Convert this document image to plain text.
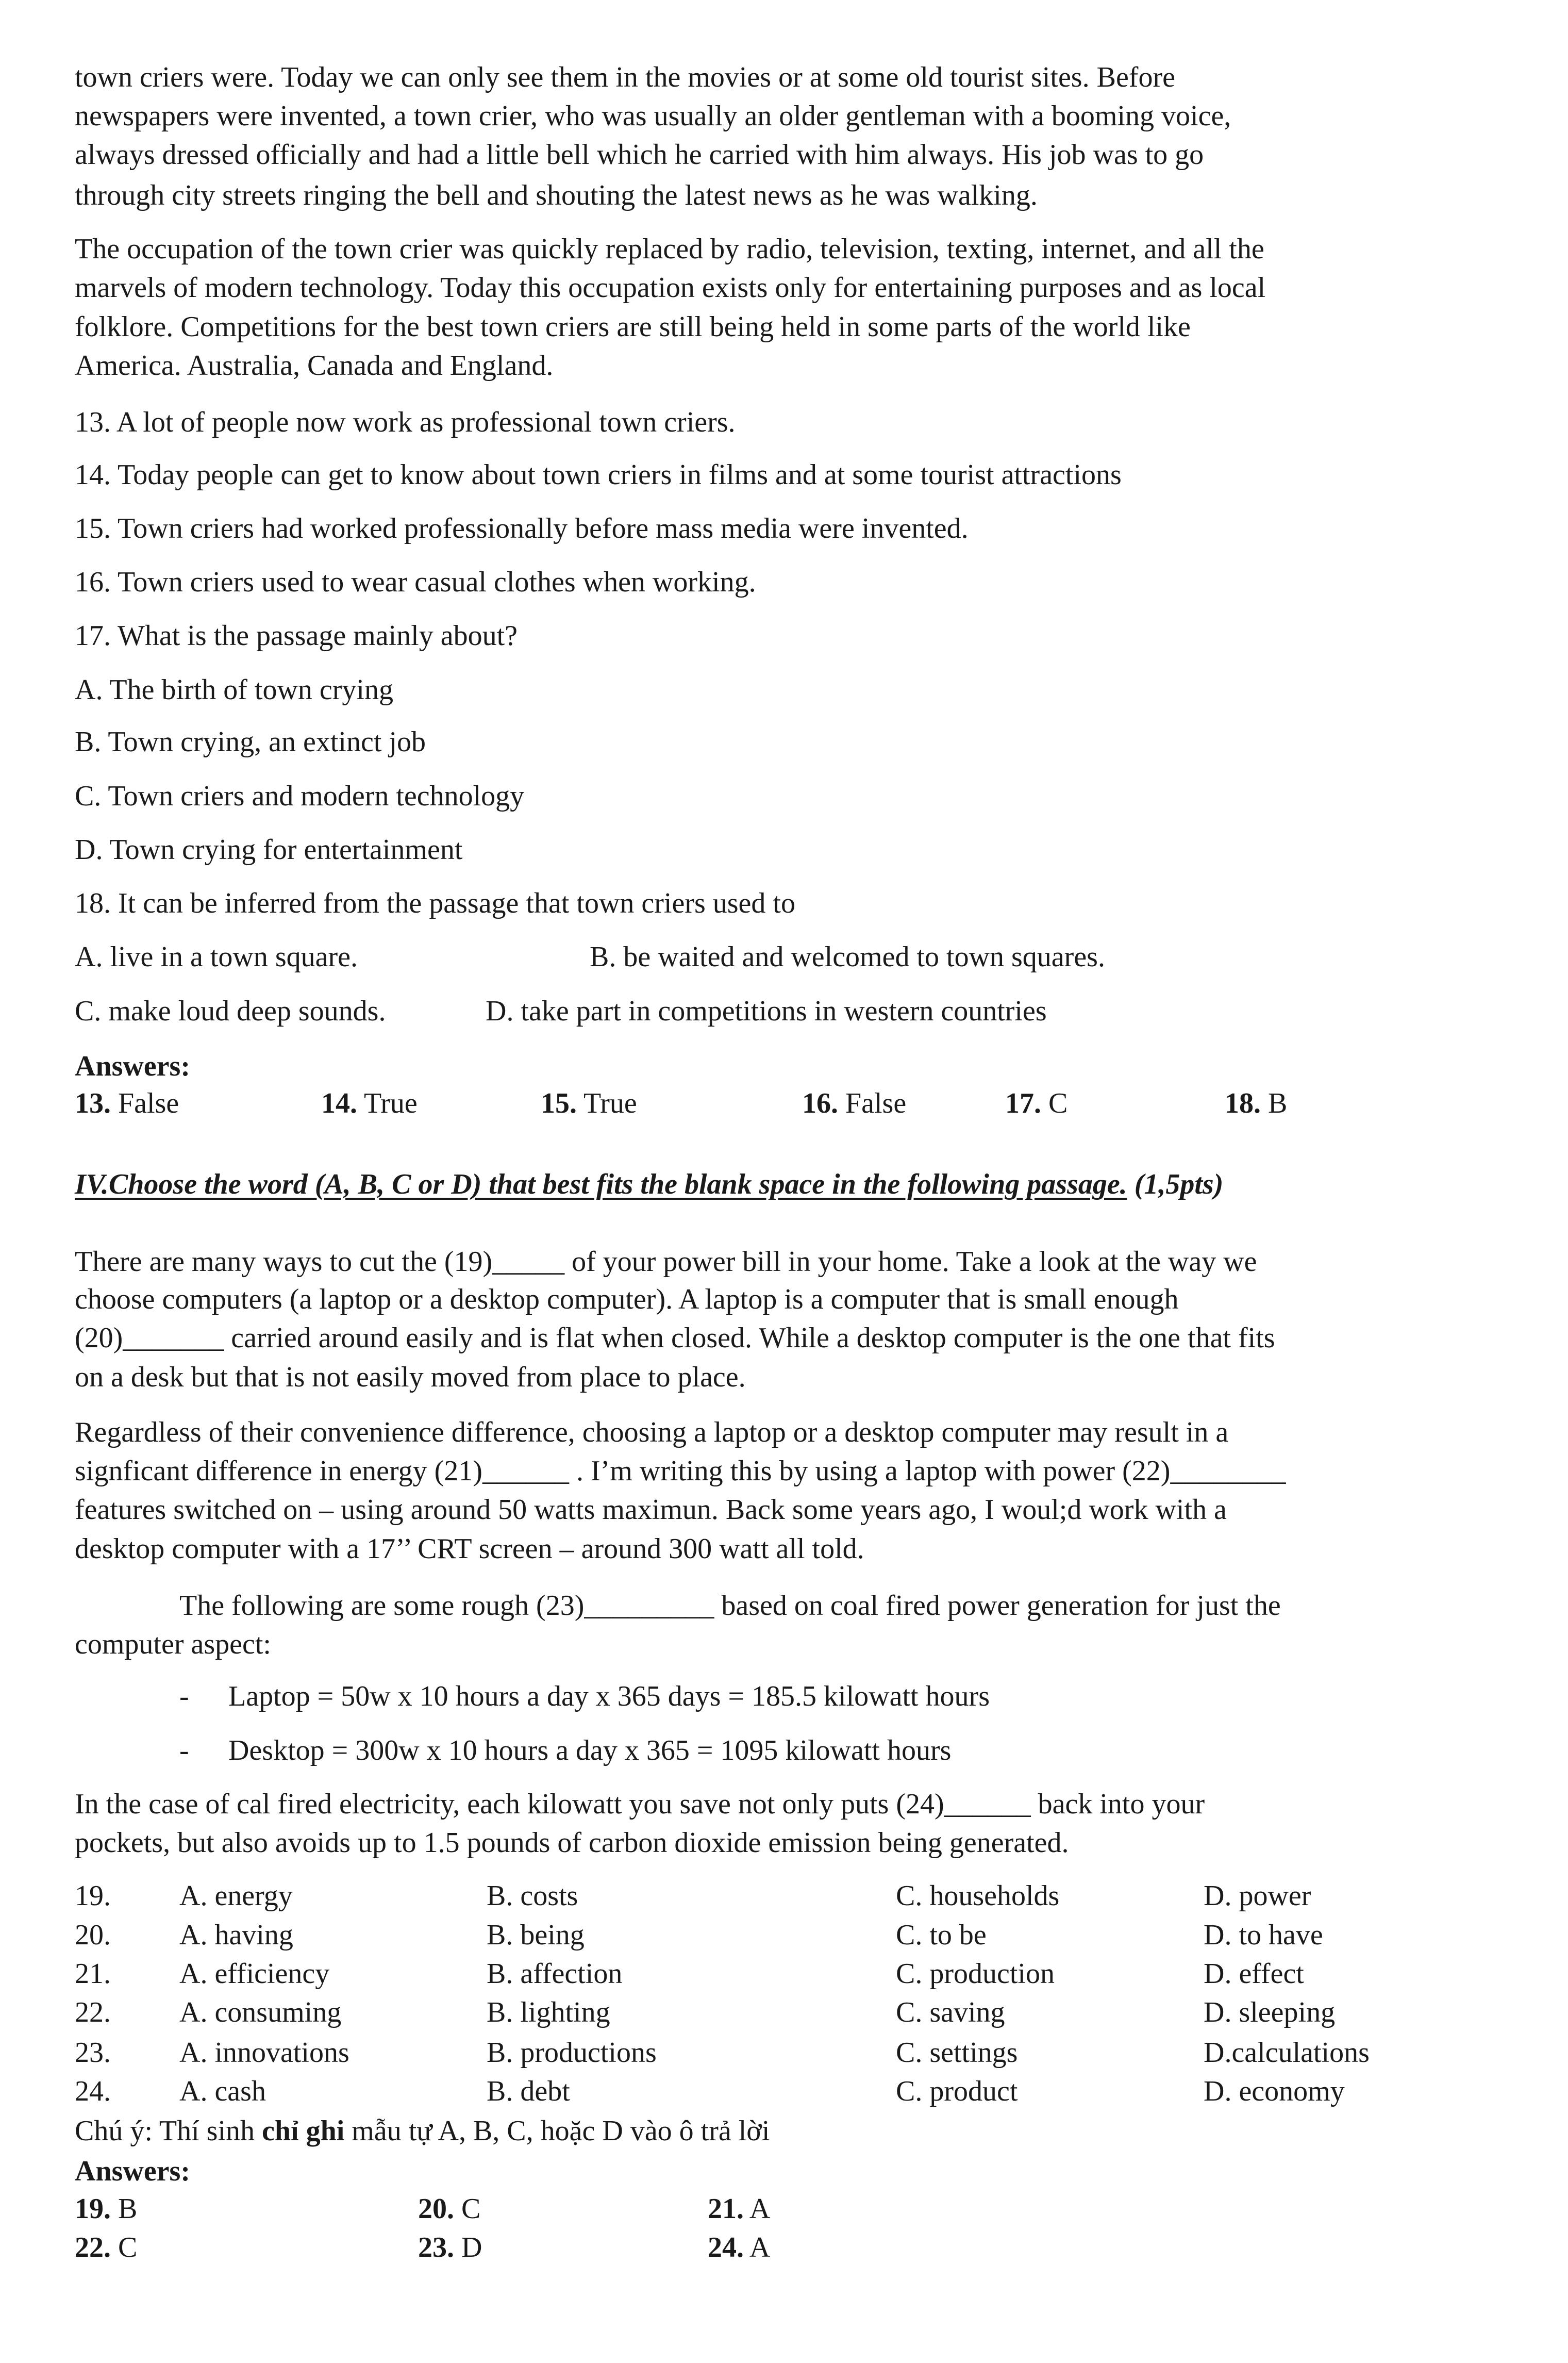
town criers were. Today we can only see them in the movies or at some old tourist sites. Before
newspapers were invented, a town crier, who was usually an older gentleman with a booming voice,
always dressed officially and had a little bell which he carried with him always. His job was to go
through city streets ringing the bell and shouting the latest news as he was walking.
The occupation of the town crier was quickly replaced by radio, television, texting, internet, and all the
marvels of modern technology. Today this occupation exists only for entertaining purposes and as local
folklore. Competitions for the best town criers are still being held in some parts of the world like
America. Australia, Canada and England.
13. A lot of people now work as professional town criers.
14. Today people can get to know about town criers in films and at some tourist attractions
15. Town criers had worked professionally before mass media were invented.
16. Town criers used to wear casual clothes when working.
17. What is the passage mainly about?
A. The birth of town crying
B. Town crying, an extinct job
C. Town criers and modern technology
D. Town crying for entertainment
18. It can be inferred from the passage that town criers used to
A. live in a town square.	B. be waited and welcomed to town squares.
C. make loud deep sounds.	D. take part in competitions in western countries
Answers:
13. False	14. True	15. True	16. False	17. C	18. B
IV.Choose the word (A, B, C or D) that best fits the blank space in the following passage. (1,5pts)
There are many ways to cut the (19)_____ of your power bill in your home. Take a look at the way we
choose computers (a laptop or a desktop computer). A laptop is a computer that is small enough
(20)_______ carried around easily and is flat when closed. While a desktop computer is the one that fits
on a desk but that is not easily moved from place to place.
Regardless of their convenience difference, choosing a laptop or a desktop computer may result in a
signficant difference in energy (21)______ . I’m writing this by using a laptop with power (22)________
features switched on – using around 50 watts maximun. Back some years ago, I woul;d work with a
desktop computer with a 17’’ CRT screen – around 300 watt all told.
The following are some rough (23)_________ based on coal fired power generation for just the
computer aspect:
- Laptop = 50w x 10 hours a day x 365 days = 185.5 kilowatt hours
- Desktop = 300w x 10 hours a day x 365 = 1095 kilowatt hours
In the case of cal fired electricity, each kilowatt you save not only puts (24)______ back into your
pockets, but also avoids up to 1.5 pounds of carbon dioxide emission being generated.
19. A. energy	B. costs	C. households	D. power
20. A. having	B. being	C. to be	D. to have
21. A. efficiency	B. affection	C. production	D. effect
22. A. consuming	B. lighting	C. saving	D. sleeping
23. A. innovations	B. productions	C. settings	D.calculations
24. A. cash	B. debt	C. product	D. economy
Chú ý: Thí sinh chỉ ghi mẫu tự A, B, C, hoặc D vào ô trả lời
Answers:
19. B	20. C	21. A
22. C	23. D	24. A
